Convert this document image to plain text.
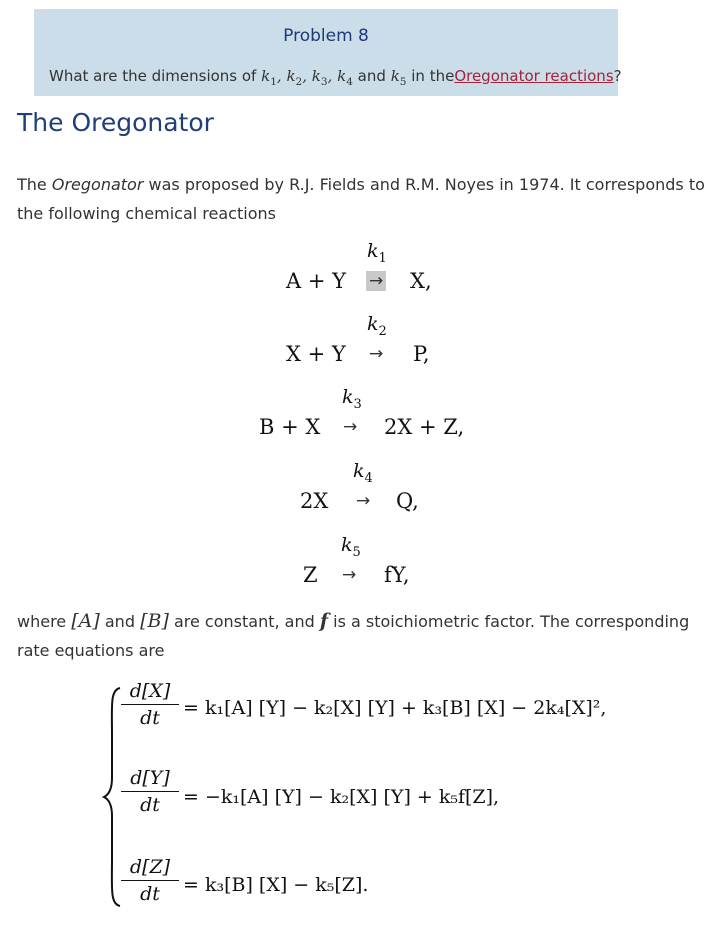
Problem 8
What are the dimensions of $k_1$, $k_2$, $k_3$, $k_4$ and $k_5$ in theOregonator reactions?
The Oregonator
The Oregonator was proposed by R.J. Fields and R.M. Noyes in 1974. It corresponds to the following chemical reactions
$k_1$
A + Y → X,
$k_2$
X + Y → P,
$k_3$
B + X → 2X + Z,
$k_4$
2X → Q,
$k_5$
Z → fY,
where [A] and [B] are constant, and f is a stoichiometric factor. The corresponding rate equations are
$\frac{d[X]}{dt} = k_1[A] [Y] - k_2[X] [Y] + k_3[B] [X] - 2k_4[X]^2$,
$\frac{d[Y]}{dt} = -k_1[A] [Y] - k_2[X] [Y] + k_5f[Z]$,
$\frac{d[Z]}{dt} = k_3[B] [X] - k_5[Z]$.
